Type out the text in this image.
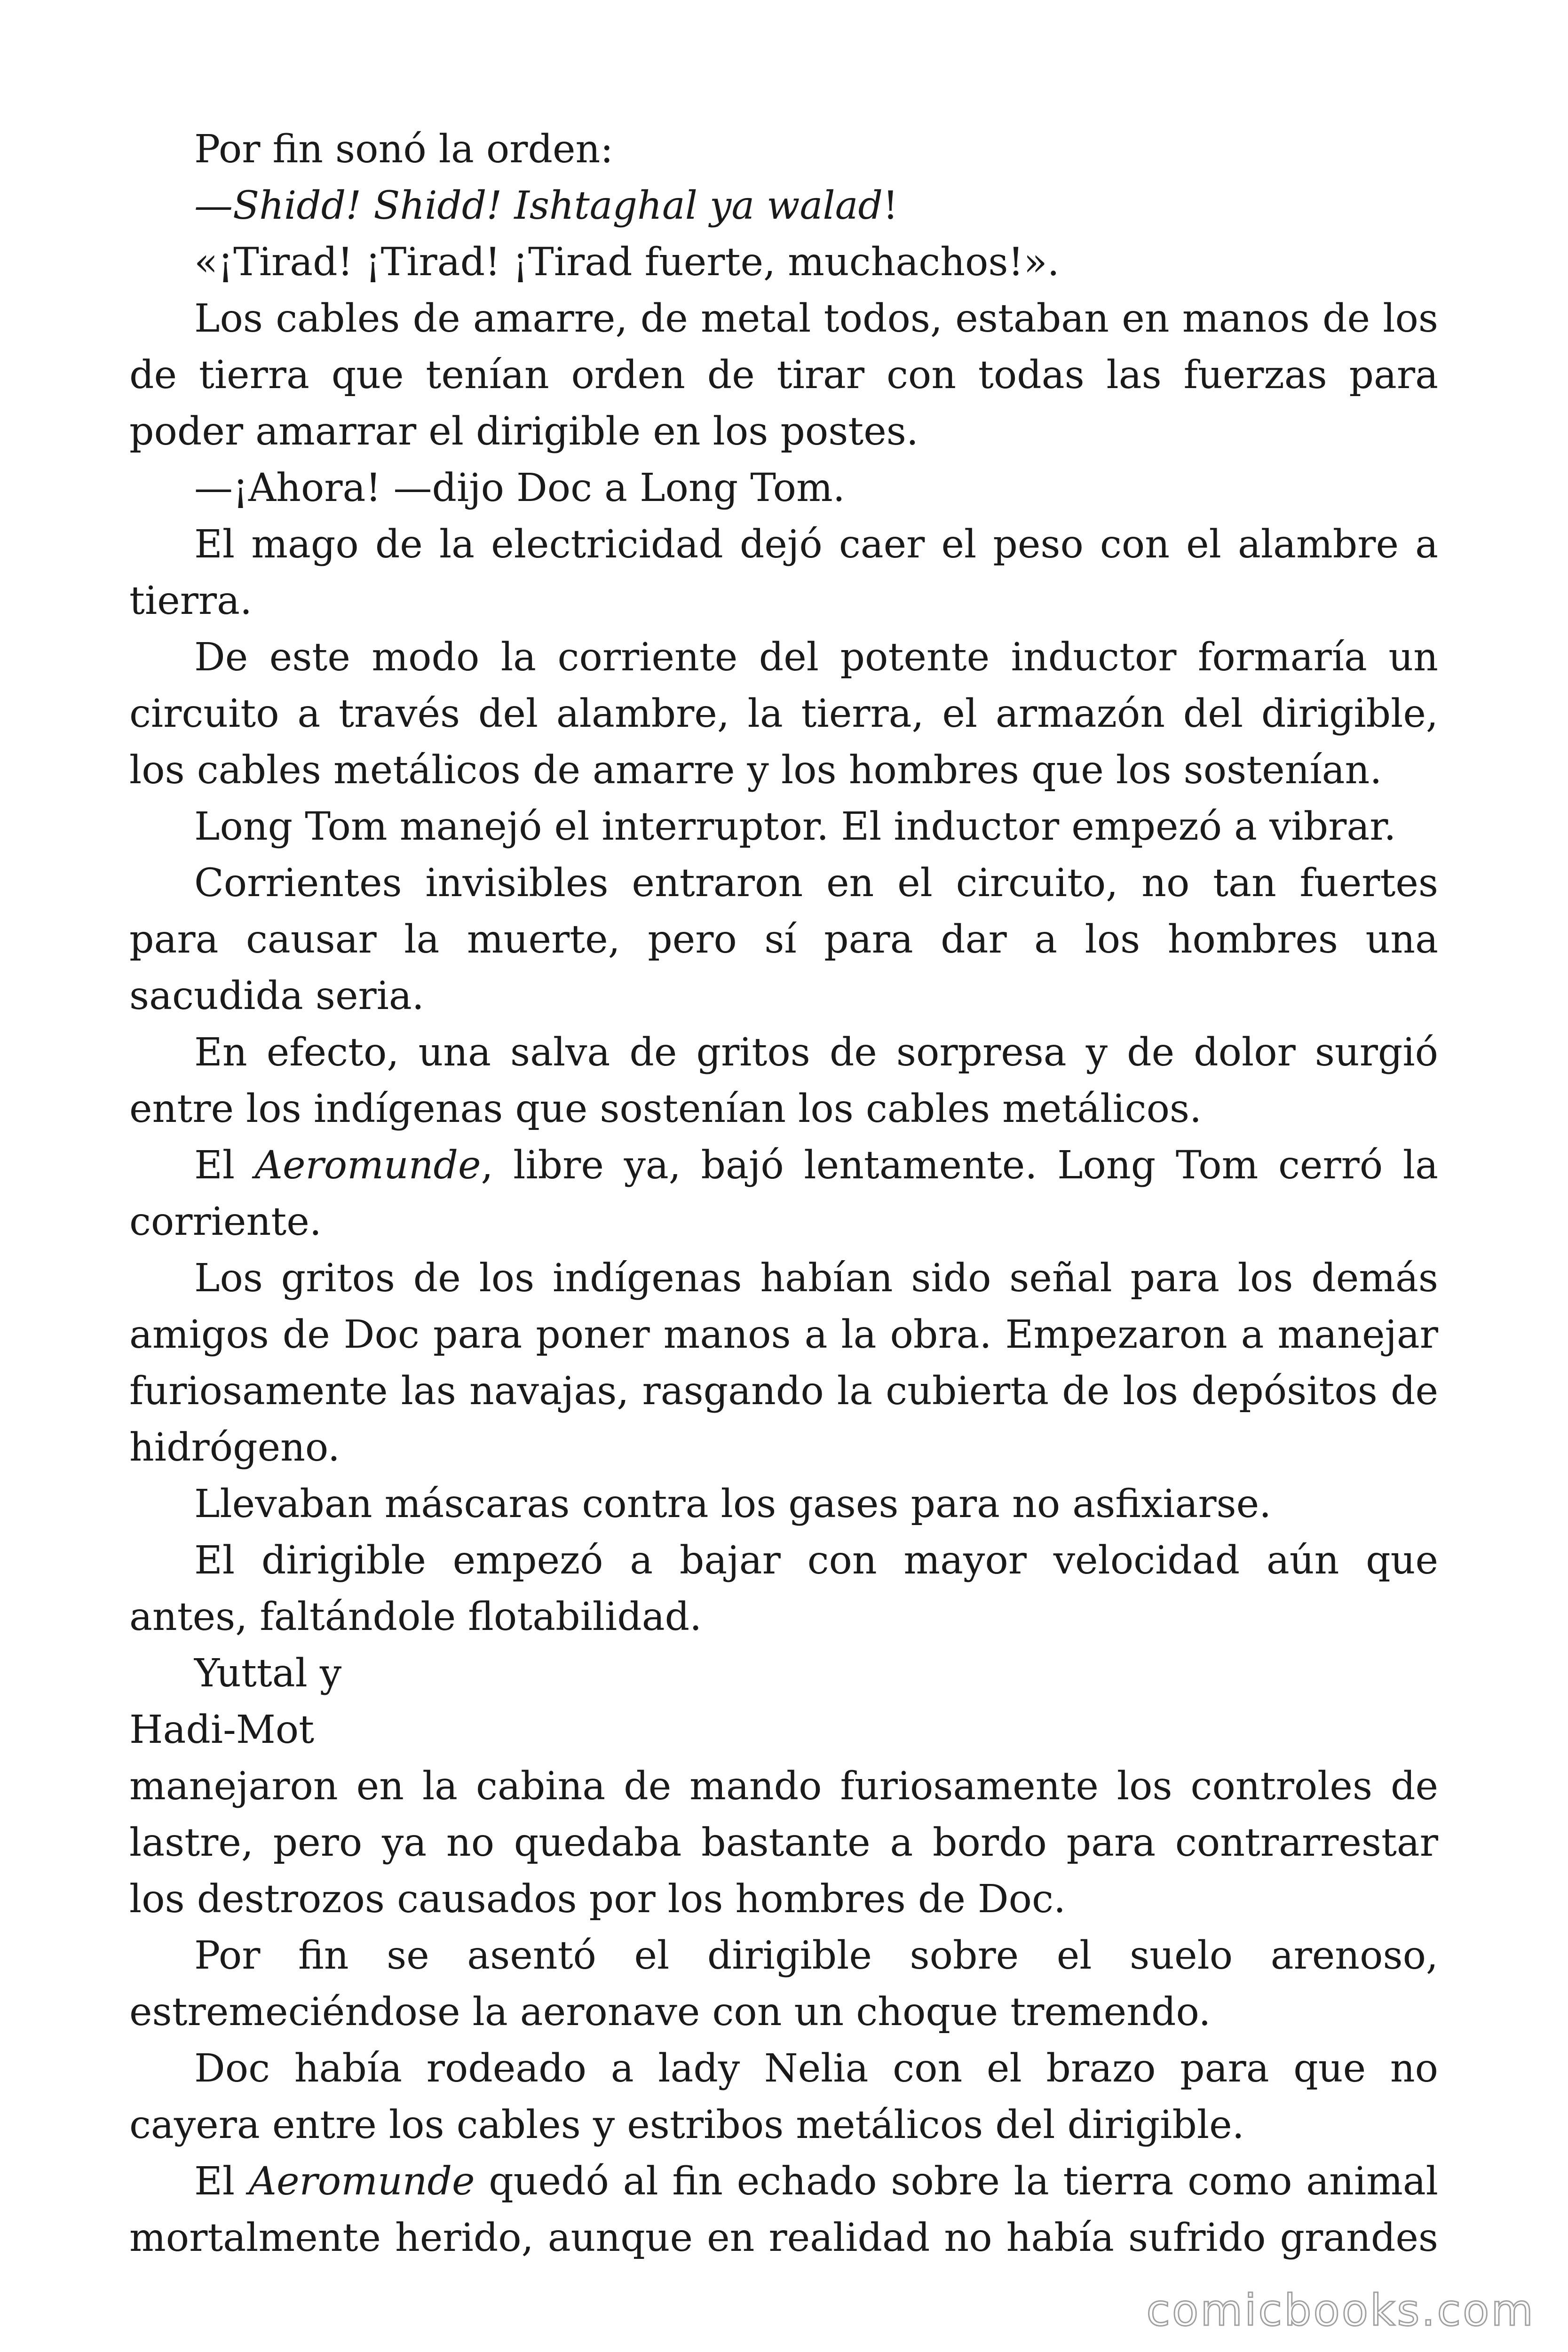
Por fin sonó la orden:

—Shidd! Shidd! Ishtaghal ya walad!

«¡Tirad! ¡Tirad! ¡Tirad fuerte, muchachos!».

Los cables de amarre, de metal todos, estaban en manos de los de tierra que tenían orden de tirar con todas las fuerzas para poder amarrar el dirigible en los postes.

—¡Ahora! —dijo Doc a Long Tom.

El mago de la electricidad dejó caer el peso con el alambre a tierra.

De este modo la corriente del potente inductor formaría un circuito a través del alambre, la tierra, el armazón del dirigible, los cables metálicos de amarre y los hombres que los sostenían.

Long Tom manejó el interruptor. El inductor empezó a vibrar.

Corrientes invisibles entraron en el circuito, no tan fuertes para causar la muerte, pero sí para dar a los hombres una sacudida seria.

En efecto, una salva de gritos de sorpresa y de dolor surgió entre los indígenas que sostenían los cables metálicos.

El Aeromunde, libre ya, bajó lentamente. Long Tom cerró la corriente.

Los gritos de los indígenas habían sido señal para los demás amigos de Doc para poner manos a la obra. Empezaron a manejar furiosamente las navajas, rasgando la cubierta de los depósitos de hidrógeno.

Llevaban máscaras contra los gases para no asfixiarse.

El dirigible empezó a bajar con mayor velocidad aún que antes, faltándole flotabilidad.

Yuttal y

Hadi-Mot

manejaron en la cabina de mando furiosamente los controles de lastre, pero ya no quedaba bastante a bordo para contrarrestar los destrozos causados por los hombres de Doc.

Por fin se asentó el dirigible sobre el suelo arenoso, estremeciéndose la aeronave con un choque tremendo.

Doc había rodeado a lady Nelia con el brazo para que no cayera entre los cables y estribos metálicos del dirigible.

El Aeromunde quedó al fin echado sobre la tierra como animal mortalmente herido, aunque en realidad no había sufrido grandes

comicbooks.com
